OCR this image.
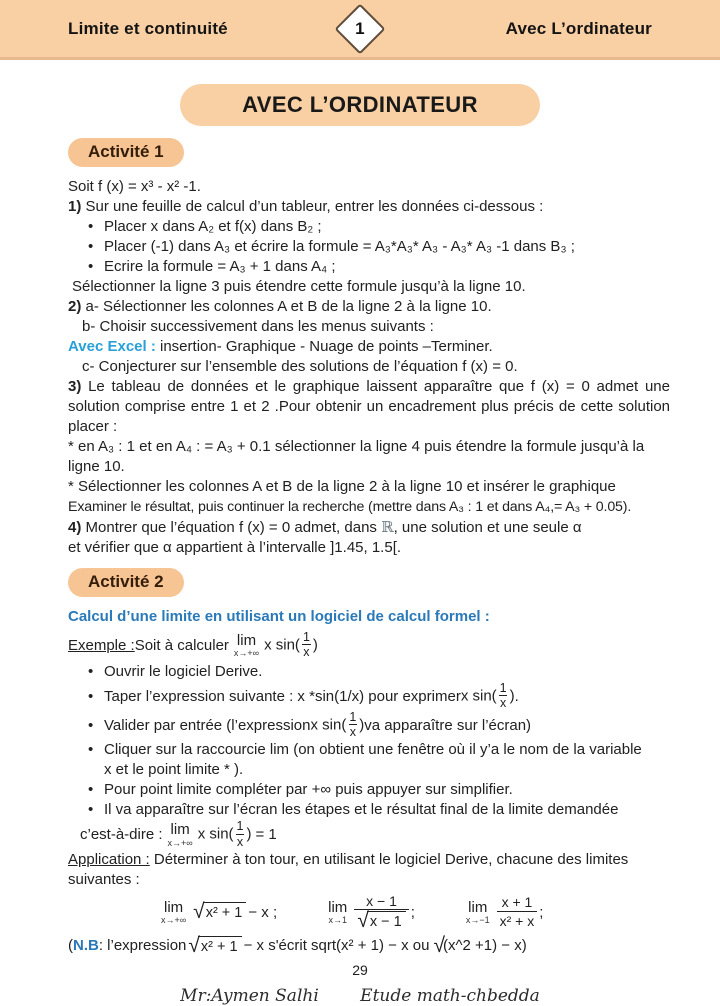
Limite et continuité	1	Avec L’ordinateur
AVEC L’ORDINATEUR
Activité 1
Soit f (x) = x³ - x² -1.
1) Sur une feuille de calcul d’un tableur, entrer les données ci-dessous :
• Placer x dans A₂ et f(x) dans B₂ ;
• Placer (-1) dans A₃ et écrire la formule = A₃*A₃* A₃ - A₃* A₃ -1 dans B₃ ;
• Ecrire la formule = A₃ + 1 dans A₄ ;
Sélectionner la ligne 3 puis étendre cette formule jusqu’à la ligne 10.
2) a- Sélectionner les colonnes A et B de la ligne 2 à la ligne 10.
b- Choisir successivement dans les menus suivants :
Avec Excel : insertion- Graphique - Nuage de points –Terminer.
c- Conjecturer sur l’ensemble des solutions de l’équation f (x) = 0.

3) Le tableau de données et le graphique laissent apparaître que f (x) = 0 admet une solution comprise entre 1 et 2 .Pour obtenir un encadrement plus précis de cette solution placer :

* en A₃ : 1 et en A₄ : = A₃ + 0.1 sélectionner la ligne 4 puis étendre la formule jusqu’à la ligne 10.
* Sélectionner les colonnes A et B de la ligne 2 à la ligne 10 et insérer le graphique
Examiner le résultat, puis continuer la recherche (mettre dans A₃ : 1 et dans A₄,= A₃ + 0.05).
4) Montrer que l’équation f (x) = 0 admet, dans ℝ, une solution et une seule α
et vérifier que α appartient à l’intervalle ]1.45, 1.5[.
Activité 2
Calcul d’une limite en utilisant un logiciel de calcul formel :
Exemple : Soit à calculer lim
x→+∞ x $\sin( \frac{1}{x}$ )
• Ouvrir le logiciel Derive.
• Taper l’expression suivante : x *sin(1/x) pour exprimer x $\sin( \frac{1}{x}$ ) .
• Valider par entrée (l’expression x $\sin( \frac{1}{x}$ ) va apparaître sur l’écran)
• Cliquer sur la raccourcie lim (on obtient une fenêtre où il y’a le nom de la variable
x et le point limite * ).
• Pour point limite compléter par +∞ puis appuyer sur simplifier.
• Il va apparaître sur l’écran les étapes et le résultat final de la limite demandée
c’est-à-dire : lim
x→+∞ x $\sin( \frac{1}{x}$ ) = 1
Application : Déterminer à ton tour, en utilisant le logiciel Derive, chacune des limites suivantes :
lim
x→+∞ √ x² + 1 − x ;	lim
$x\to 1 \frac{x - 1}{√ x - 1}$ ;	lim
$x\to-1 \frac{x + 1}{\text{x² + x}}$ ;
( N.B : l’expression √ x² + 1 − x s'écrit sqrt(x² + 1) − x ou √
(x^2 +1) − x)
29
Mr:Aymen Salhi Etude math-chbedda
